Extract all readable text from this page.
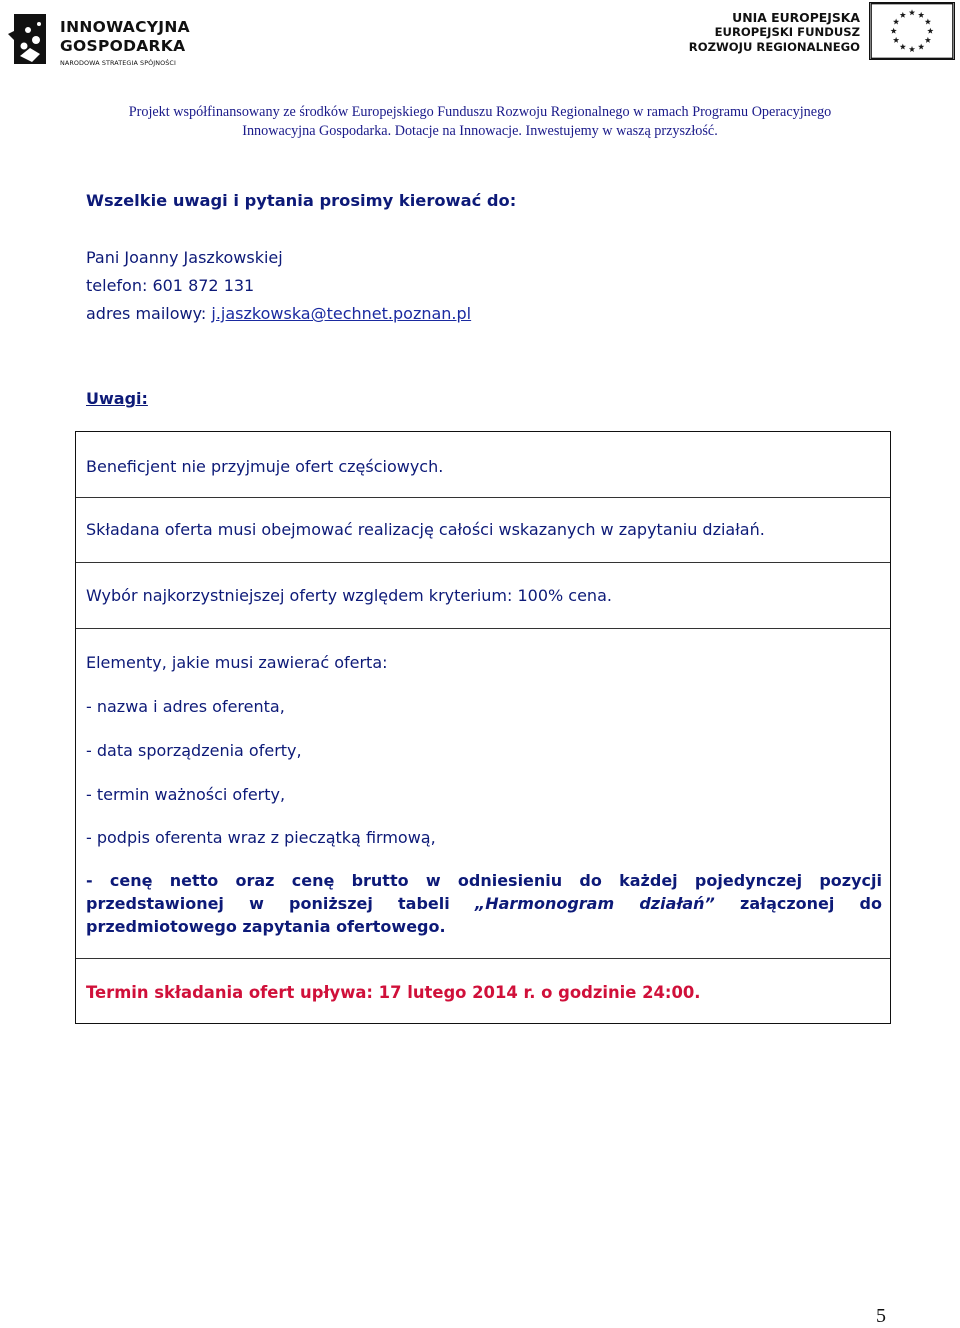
INNOWACYJNA
GOSPODARKA
NARODOWA STRATEGIA SPÓJNOŚCI
UNIA EUROPEJSKA
EUROPEJSKI FUNDUSZ
ROZWOJU REGIONALNEGO
Projekt współfinansowany ze środków Europejskiego Funduszu Rozwoju Regionalnego w ramach Programu Operacyjnego
Innowacyjna Gospodarka. Dotacje na Innowacje. Inwestujemy w waszą przyszłość.
Wszelkie uwagi i pytania prosimy kierować do:
Pani Joanny Jaszkowskiej
telefon: 601 872 131
adres mailowy: j.jaszkowska@technet.poznan.pl
Uwagi:
Beneficjent nie przyjmuje ofert częściowych.
Składana oferta musi obejmować realizację całości wskazanych w zapytaniu działań.
Wybór najkorzystniejszej oferty względem kryterium: 100% cena.
Elementy, jakie musi zawierać oferta:
- nazwa i adres oferenta,
- data sporządzenia oferty,
- termin ważności oferty,
- podpis oferenta wraz z pieczątką firmową,
- cenę netto oraz cenę brutto w odniesieniu do każdej pojedynczej pozycji przedstawionej w poniższej tabeli „Harmonogram działań” załączonej do przedmiotowego zapytania ofertowego.
Termin składania ofert upływa: 17 lutego 2014 r. o godzinie 24:00.
5
